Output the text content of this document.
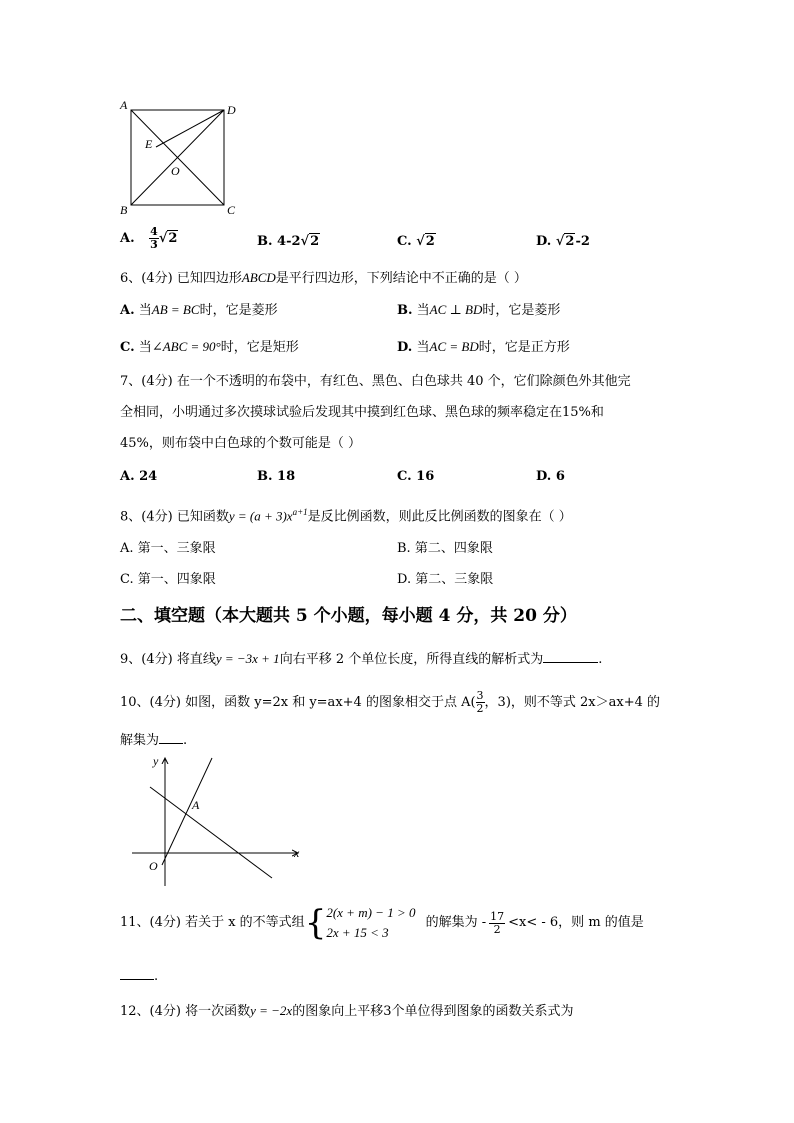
A	D
E
O
B	C
A. $\frac{4}{3} √2$	B. 4-2√2	C. √2	D. √2-2
6、(4分) 已知四边形ABCD是平行四边形，下列结论中不正确的是（ ）
A. 当AB = BC时，它是菱形	B. 当AC ⊥ BD时，它是菱形
C. 当∠ABC = 90°时，它是矩形	D. 当AC = BD时，它是正方形
7、(4分) 在一个不透明的布袋中，有红色、黑色、白色球共 40 个，它们除颜色外其他完
全相同，小明通过多次摸球试验后发现其中摸到红色球、黑色球的频率稳定在15%和
45%，则布袋中白色球的个数可能是（ ）
A. 24	B. 18	C. 16	D. 6
8、(4分) 已知函数$y = (a + 3)x^{a+1}$是反比例函数，则此反比例函数的图象在（ ）
A. 第一、三象限	B. 第二、四象限
C. 第一、四象限	D. 第二、三象限
二、填空题（本大题共 5 个小题，每小题 4 分，共 20 分）
9、(4分) 将直线y = −3x + 1向右平移 2 个单位长度，所得直线的解析式为	.
10、(4分) 如图，函数 y=2x 和 y=ax+4 的图象相交于点 $A( \frac{3}{2}$ ，3)，则不等式 2x＞ax+4 的
解集为 .
y
x
O
A
11、(4分) 若关于 x 的不等式组{ 2(x + m) − 1 > 0
2x + 15 < 3
的解集为 - $\frac{17}{2} <x< - 6$，则 m 的值是
.
12、(4分) 将一次函数y = −2x的图象向上平移3个单位得到图象的函数关系式为
